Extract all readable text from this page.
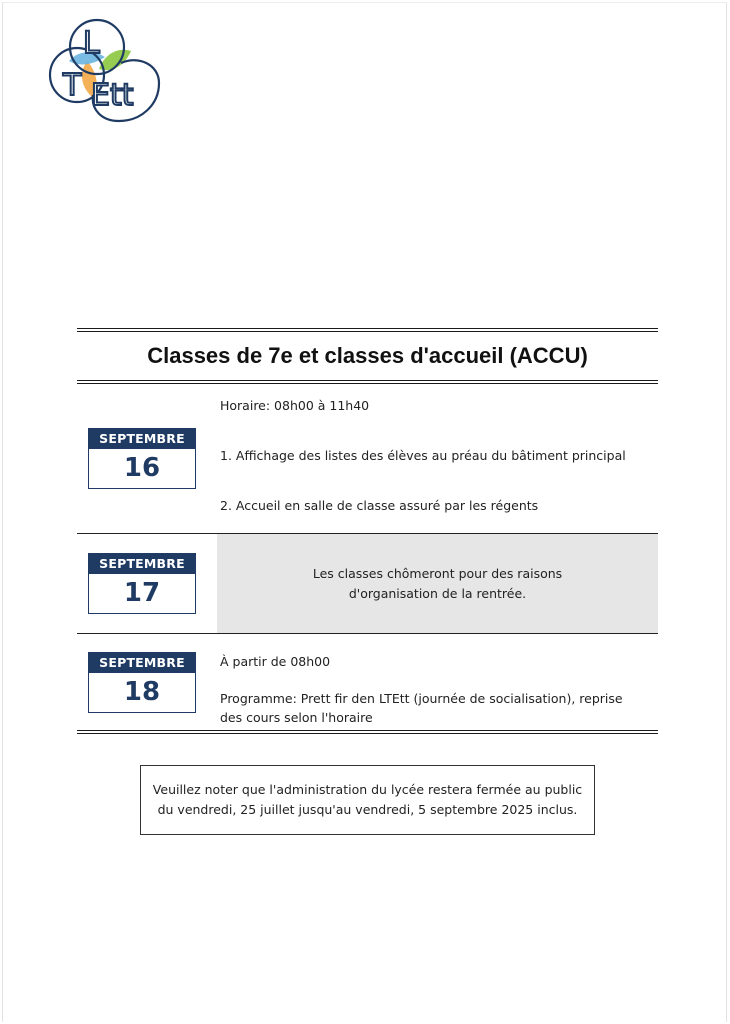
L
T Ett
Classes de 7e et classes d'accueil (ACCU)
SEPTEMBRE
16

Horaire: 08h00 à 11h40

1. Affichage des listes des élèves au préau du bâtiment principal

2. Accueil en salle de classe assuré par les régents

SEPTEMBRE
17
Les classes chômeront pour des raisons
d'organisation de la rentrée.
SEPTEMBRE
18

À partir de 08h00

Programme: Prett fir den LTEtt (journée de socialisation), reprise des cours selon l'horaire

Veuillez noter que l'administration du lycée restera fermée au public
du vendredi, 25 juillet jusqu'au vendredi, 5 septembre 2025 inclus.
